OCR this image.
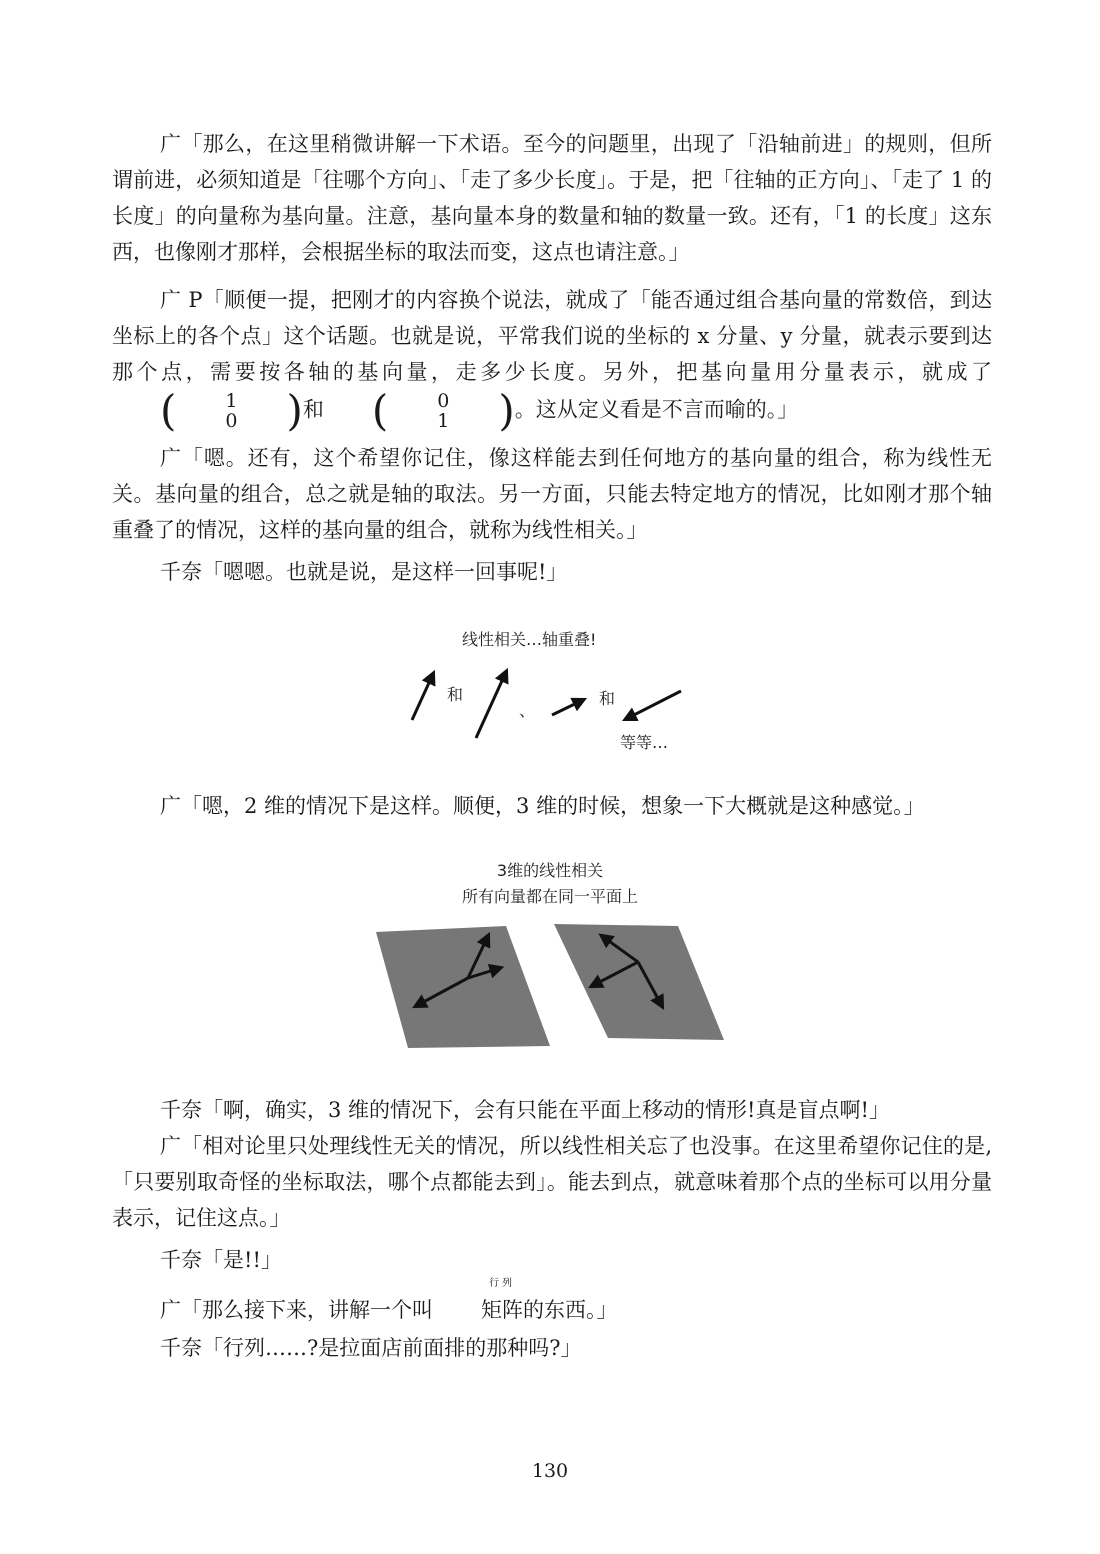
广「那么，在这里稍微讲解一下术语。至今的问题里，出现了「沿轴前进」的规则，但所谓前进，必须知道是「往哪个方向」、「走了多少长度」。于是，把「往轴的正方向」、「走了 1 的长度」的向量称为基向量。注意，基向量本身的数量和轴的数量一致。还有，「1 的长度」这东西，也像刚才那样，会根据坐标的取法而变，这点也请注意。」

广 P「顺便一提，把刚才的内容换个说法，就成了「能否通过组合基向量的常数倍，到达坐标上的各个点」这个话题。也就是说，平常我们说的坐标的 x 分量、y 分量，就表示要到达那个点，需要按各轴的基向量，走多少长度。另外，把基向量用分量表示，就成了
(	1
0	) 和	(	0
1	) 。这从定义看是不言而喻的。」

广「嗯。还有，这个希望你记住，像这样能去到任何地方的基向量的组合，称为线性无关。基向量的组合，总之就是轴的取法。另一方面，只能去特定地方的情况，比如刚才那个轴重叠了的情况，这样的基向量的组合，就称为线性相关。」

千奈「嗯嗯。也就是说，是这样一回事呢!」

线性相关…轴重叠!
和
、
和
等等…

广「嗯，2 维的情况下是这样。顺便，3 维的时候，想象一下大概就是这种感觉。」

3维的线性相关
所有向量都在同一平面上

千奈「啊，确实，3 维的情况下，会有只能在平面上移动的情形!真是盲点啊!」

广「相对论里只处理线性无关的情况，所以线性相关忘了也没事。在这里希望你记住的是,「只要别取奇怪的坐标取法，哪个点都能去到」。能去到点，就意味着那个点的坐标可以用分量表示，记住这点。」

千奈「是!!」

广「那么接下来，讲解一个叫
行列
矩阵的东西。」

千奈「行列……?是拉面店前面排的那种吗?」

130
